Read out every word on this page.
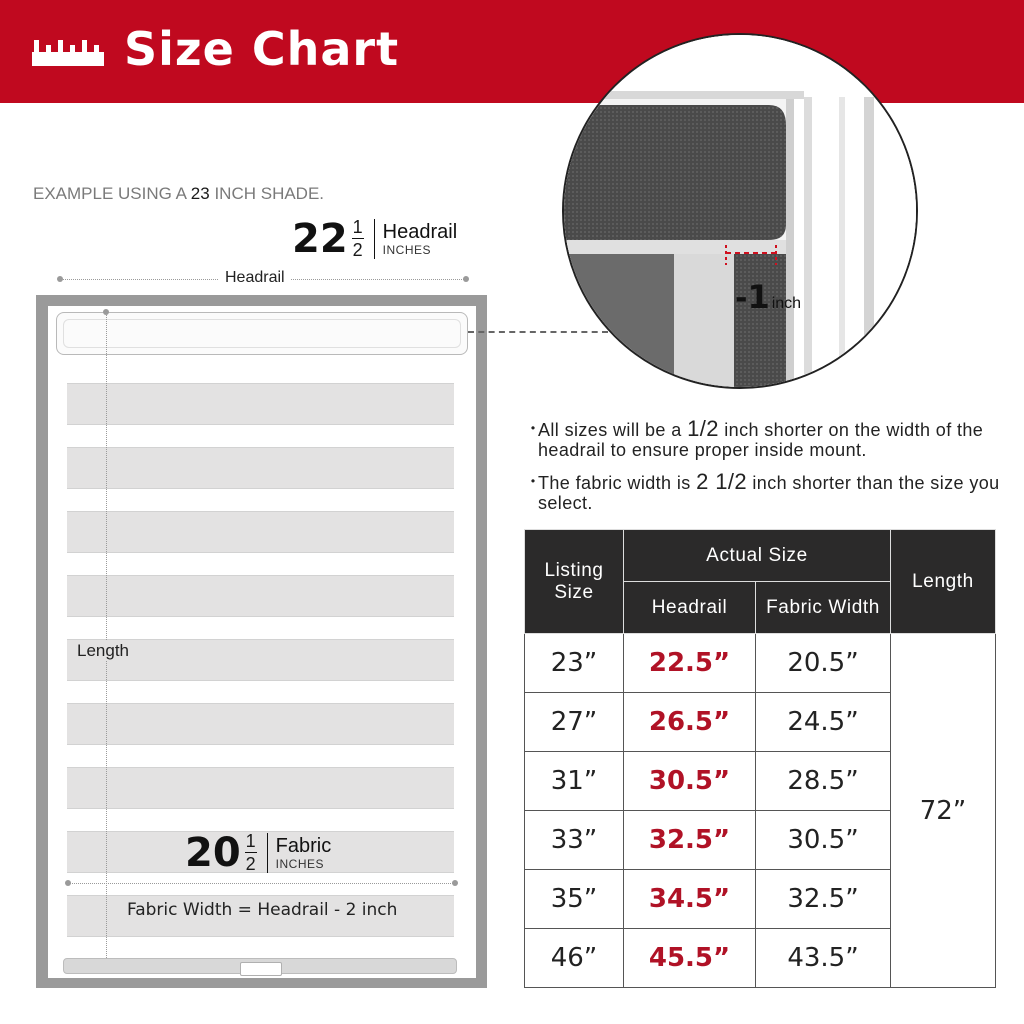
Size Chart
EXAMPLE USING A 23 INCH SHADE.
$22 \frac{1}{2}$ Headrail
INCHES
Headrail
Length
$20 \frac{1}{2}$ Fabric
INCHES
Fabric Width = Headrail - 2 inch
- 1 inch
・
All sizes will be a 1/2 inch shorter on the width of the headrail to ensure proper inside mount.
・
The fabric width is 2 1/2 inch shorter than the size you select.
Listing Size	Actual Size		Length
	Headrail	Fabric Width	
23”	22.5”	20.5”	72”
27”	26.5”	24.5”	
31”	30.5”	28.5”	
33”	32.5”	30.5”	
35”	34.5”	32.5”	
46”	45.5”	43.5”	
